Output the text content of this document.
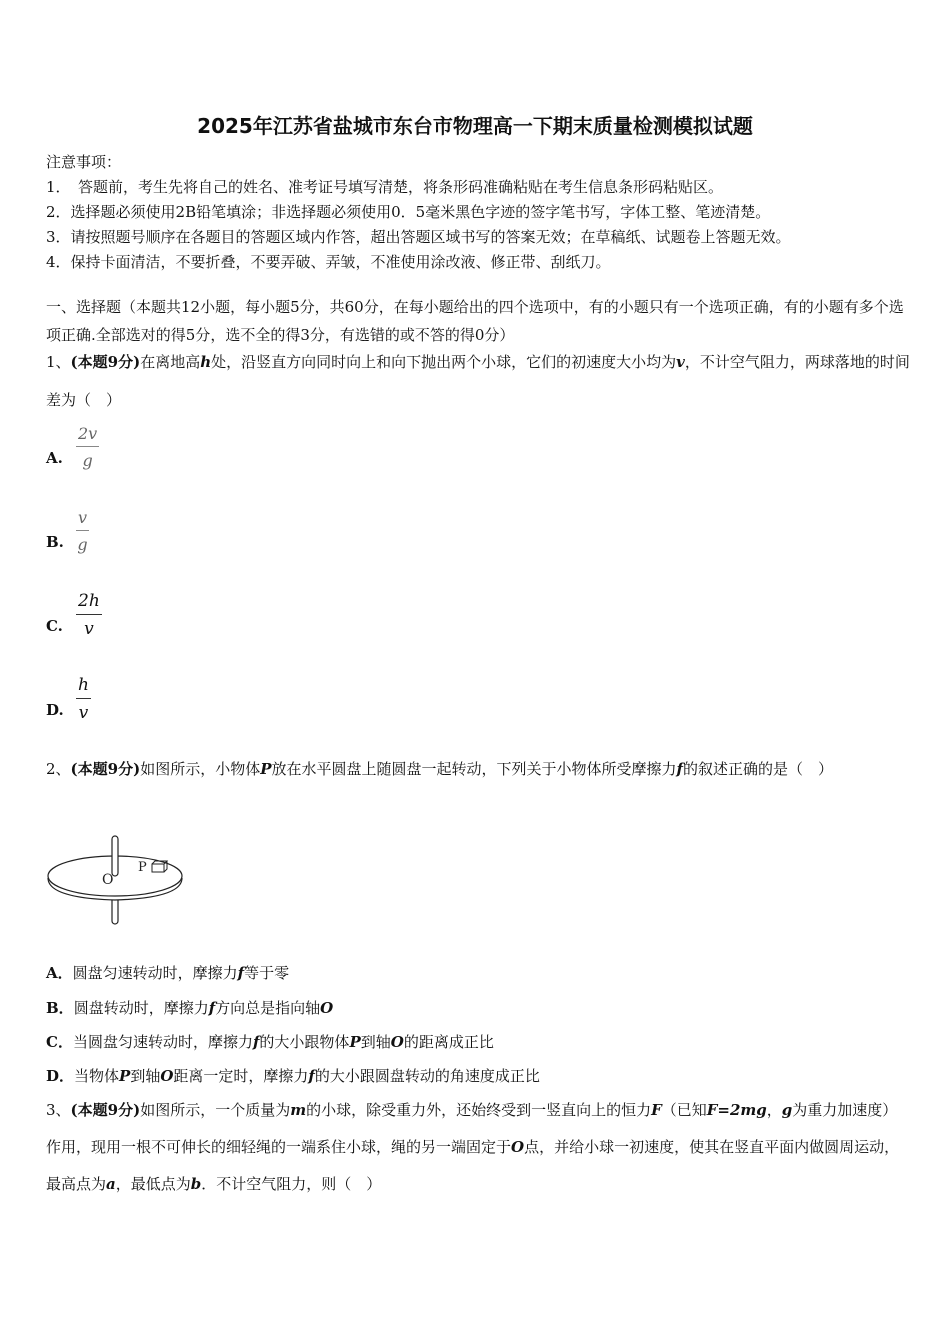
2025年江苏省盐城市东台市物理高一下期末质量检测模拟试题
注意事项：
1．　答题前，考生先将自己的姓名、准考证号填写清楚，将条形码准确粘贴在考生信息条形码粘贴区。
2．选择题必须使用2B铅笔填涂；非选择题必须使用0．5毫米黑色字迹的签字笔书写，字体工整、笔迹清楚。
3．请按照题号顺序在各题目的答题区域内作答，超出答题区域书写的答案无效；在草稿纸、试题卷上答题无效。
4．保持卡面清洁，不要折叠，不要弄破、弄皱，不准使用涂改液、修正带、刮纸刀。
一、选择题（本题共12小题，每小题5分，共60分，在每小题给出的四个选项中，有的小题只有一个选项正确，有的小题有多个选项正确.全部选对的得5分，选不全的得3分，有选错的或不答的得0分）
1、(本题9分)在离地高h处，沿竖直方向同时向上和向下抛出两个小球，它们的初速度大小均为v，不计空气阻力，两球落地的时间差为（　）
A. $\frac{2v}{g}$
B. $\frac{v}{g}$
C. $\frac{2h}{v}$
D. $\frac{h}{v}$
2、(本题9分)如图所示，小物体P放在水平圆盘上随圆盘一起转动，下列关于小物体所受摩擦力f的叙述正确的是（　）
O
P
A．圆盘匀速转动时，摩擦力f等于零
B．圆盘转动时，摩擦力f方向总是指向轴O
C．当圆盘匀速转动时，摩擦力f的大小跟物体P到轴O的距离成正比
D．当物体P到轴O距离一定时，摩擦力f的大小跟圆盘转动的角速度成正比
3、(本题9分)如图所示，一个质量为m的小球，除受重力外，还始终受到一竖直向上的恒力F（已知F=2mg，g为重力加速度）作用，现用一根不可伸长的细轻绳的一端系住小球，绳的另一端固定于O点，并给小球一初速度，使其在竖直平面内做圆周运动，最高点为a，最低点为b．不计空气阻力，则（　）
